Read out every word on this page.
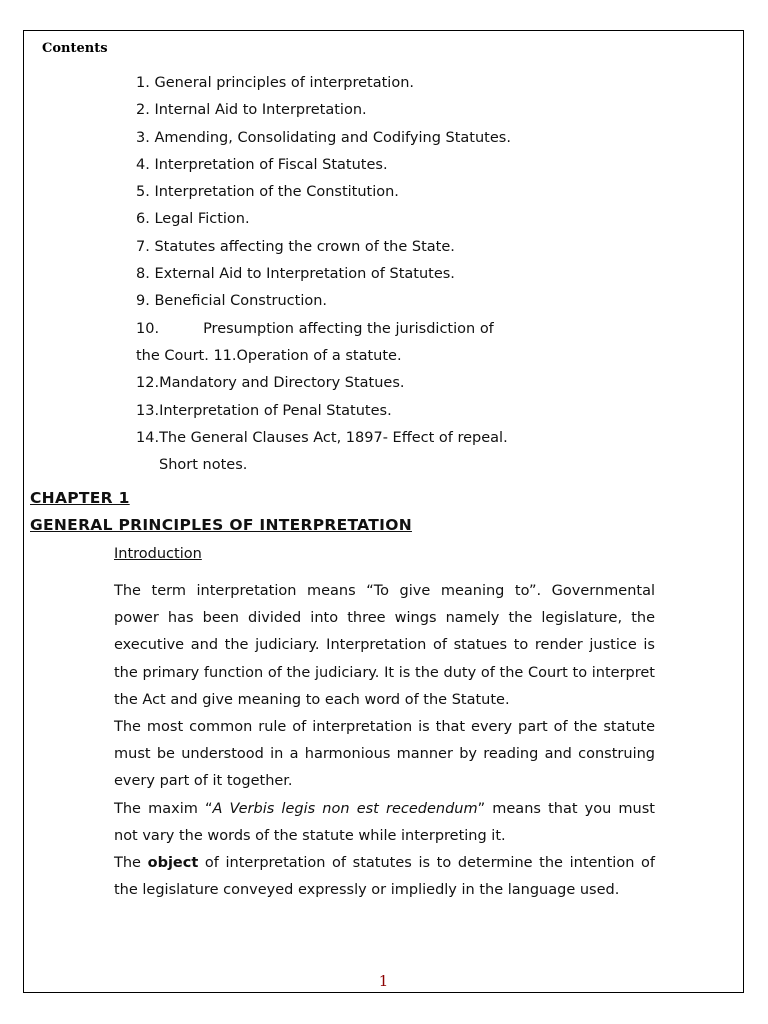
Contents
1. General principles of interpretation.
2. Internal Aid to Interpretation.
3. Amending, Consolidating and Codifying Statutes.
4. Interpretation of Fiscal Statutes.
5. Interpretation of the Constitution.
6. Legal Fiction.
7. Statutes affecting the crown of the State.
8. External Aid to Interpretation of Statutes.
9. Beneficial Construction.
10.	Presumption affecting the jurisdiction of
the Court. 11.Operation of a statute.
12.Mandatory and Directory Statues.
13.Interpretation of Penal Statutes.
14.The General Clauses Act, 1897- Effect of repeal.
Short notes.
CHAPTER 1
GENERAL PRINCIPLES OF INTERPRETATION
Introduction

The term interpretation means “To give meaning to”. Governmental power has been divided into three wings namely the legislature, the executive and the judiciary. Interpretation of statues to render justice is the primary function of the judiciary. It is the duty of the Court to interpret the Act and give meaning to each word of the Statute.

The most common rule of interpretation is that every part of the statute must be understood in a harmonious manner by reading and construing every part of it together.

The maxim “A Verbis legis non est recedendum” means that you must not vary the words of the statute while interpreting it.

The object of interpretation of statutes is to determine the intention of the legislature conveyed expressly or impliedly in the language used.

1
